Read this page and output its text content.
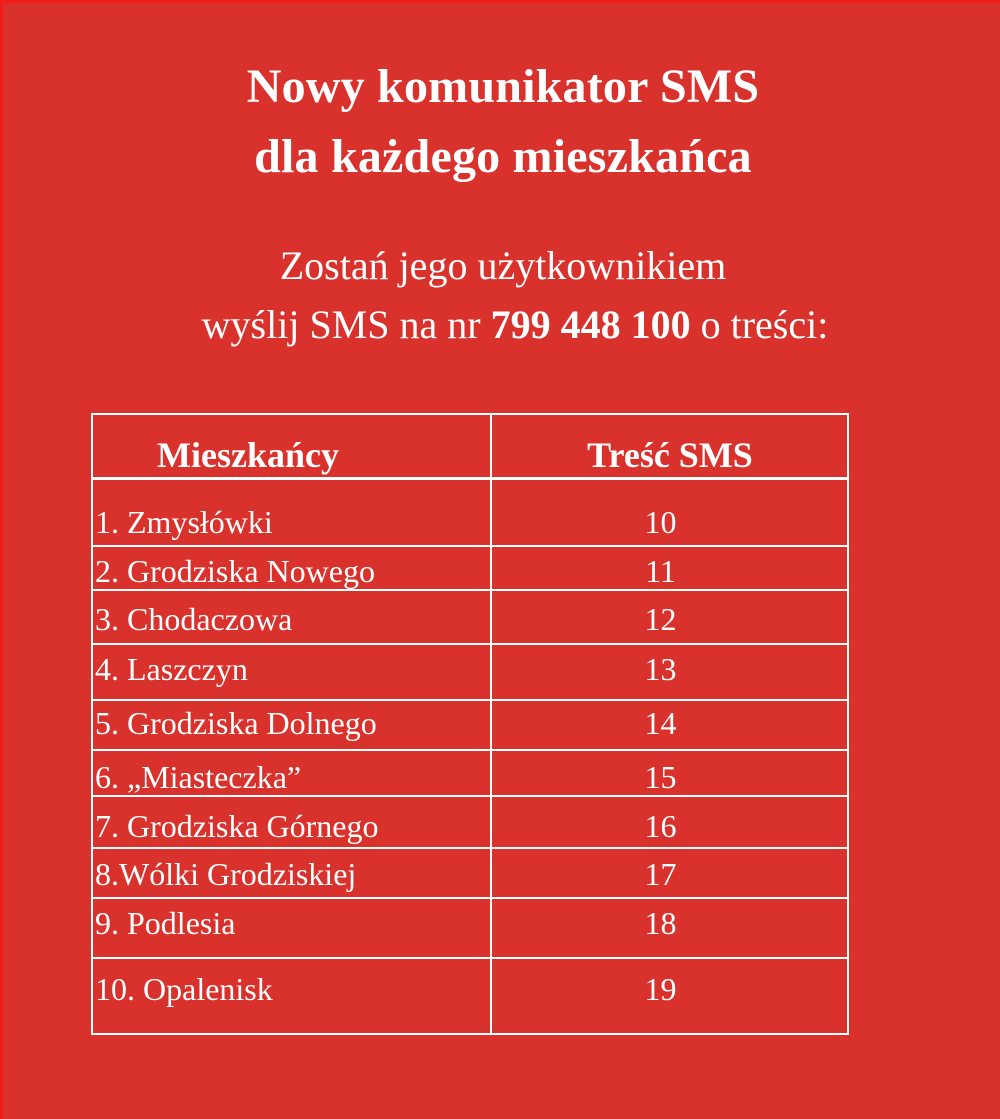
Nowy komunikator SMS
dla każdego mieszkańca
Zostań jego użytkownikiem
wyślij SMS na nr 799 448 100 o treści:
Mieszkańcy	Treść SMS
1. Zmysłówki	10
2. Grodziska Nowego	11
3. Chodaczowa	12
4. Laszczyn	13
5. Grodziska Dolnego	14
6. „Miasteczka”	15
7. Grodziska Górnego	16
8.Wólki Grodziskiej	17
9. Podlesia	18
10. Opalenisk	19
